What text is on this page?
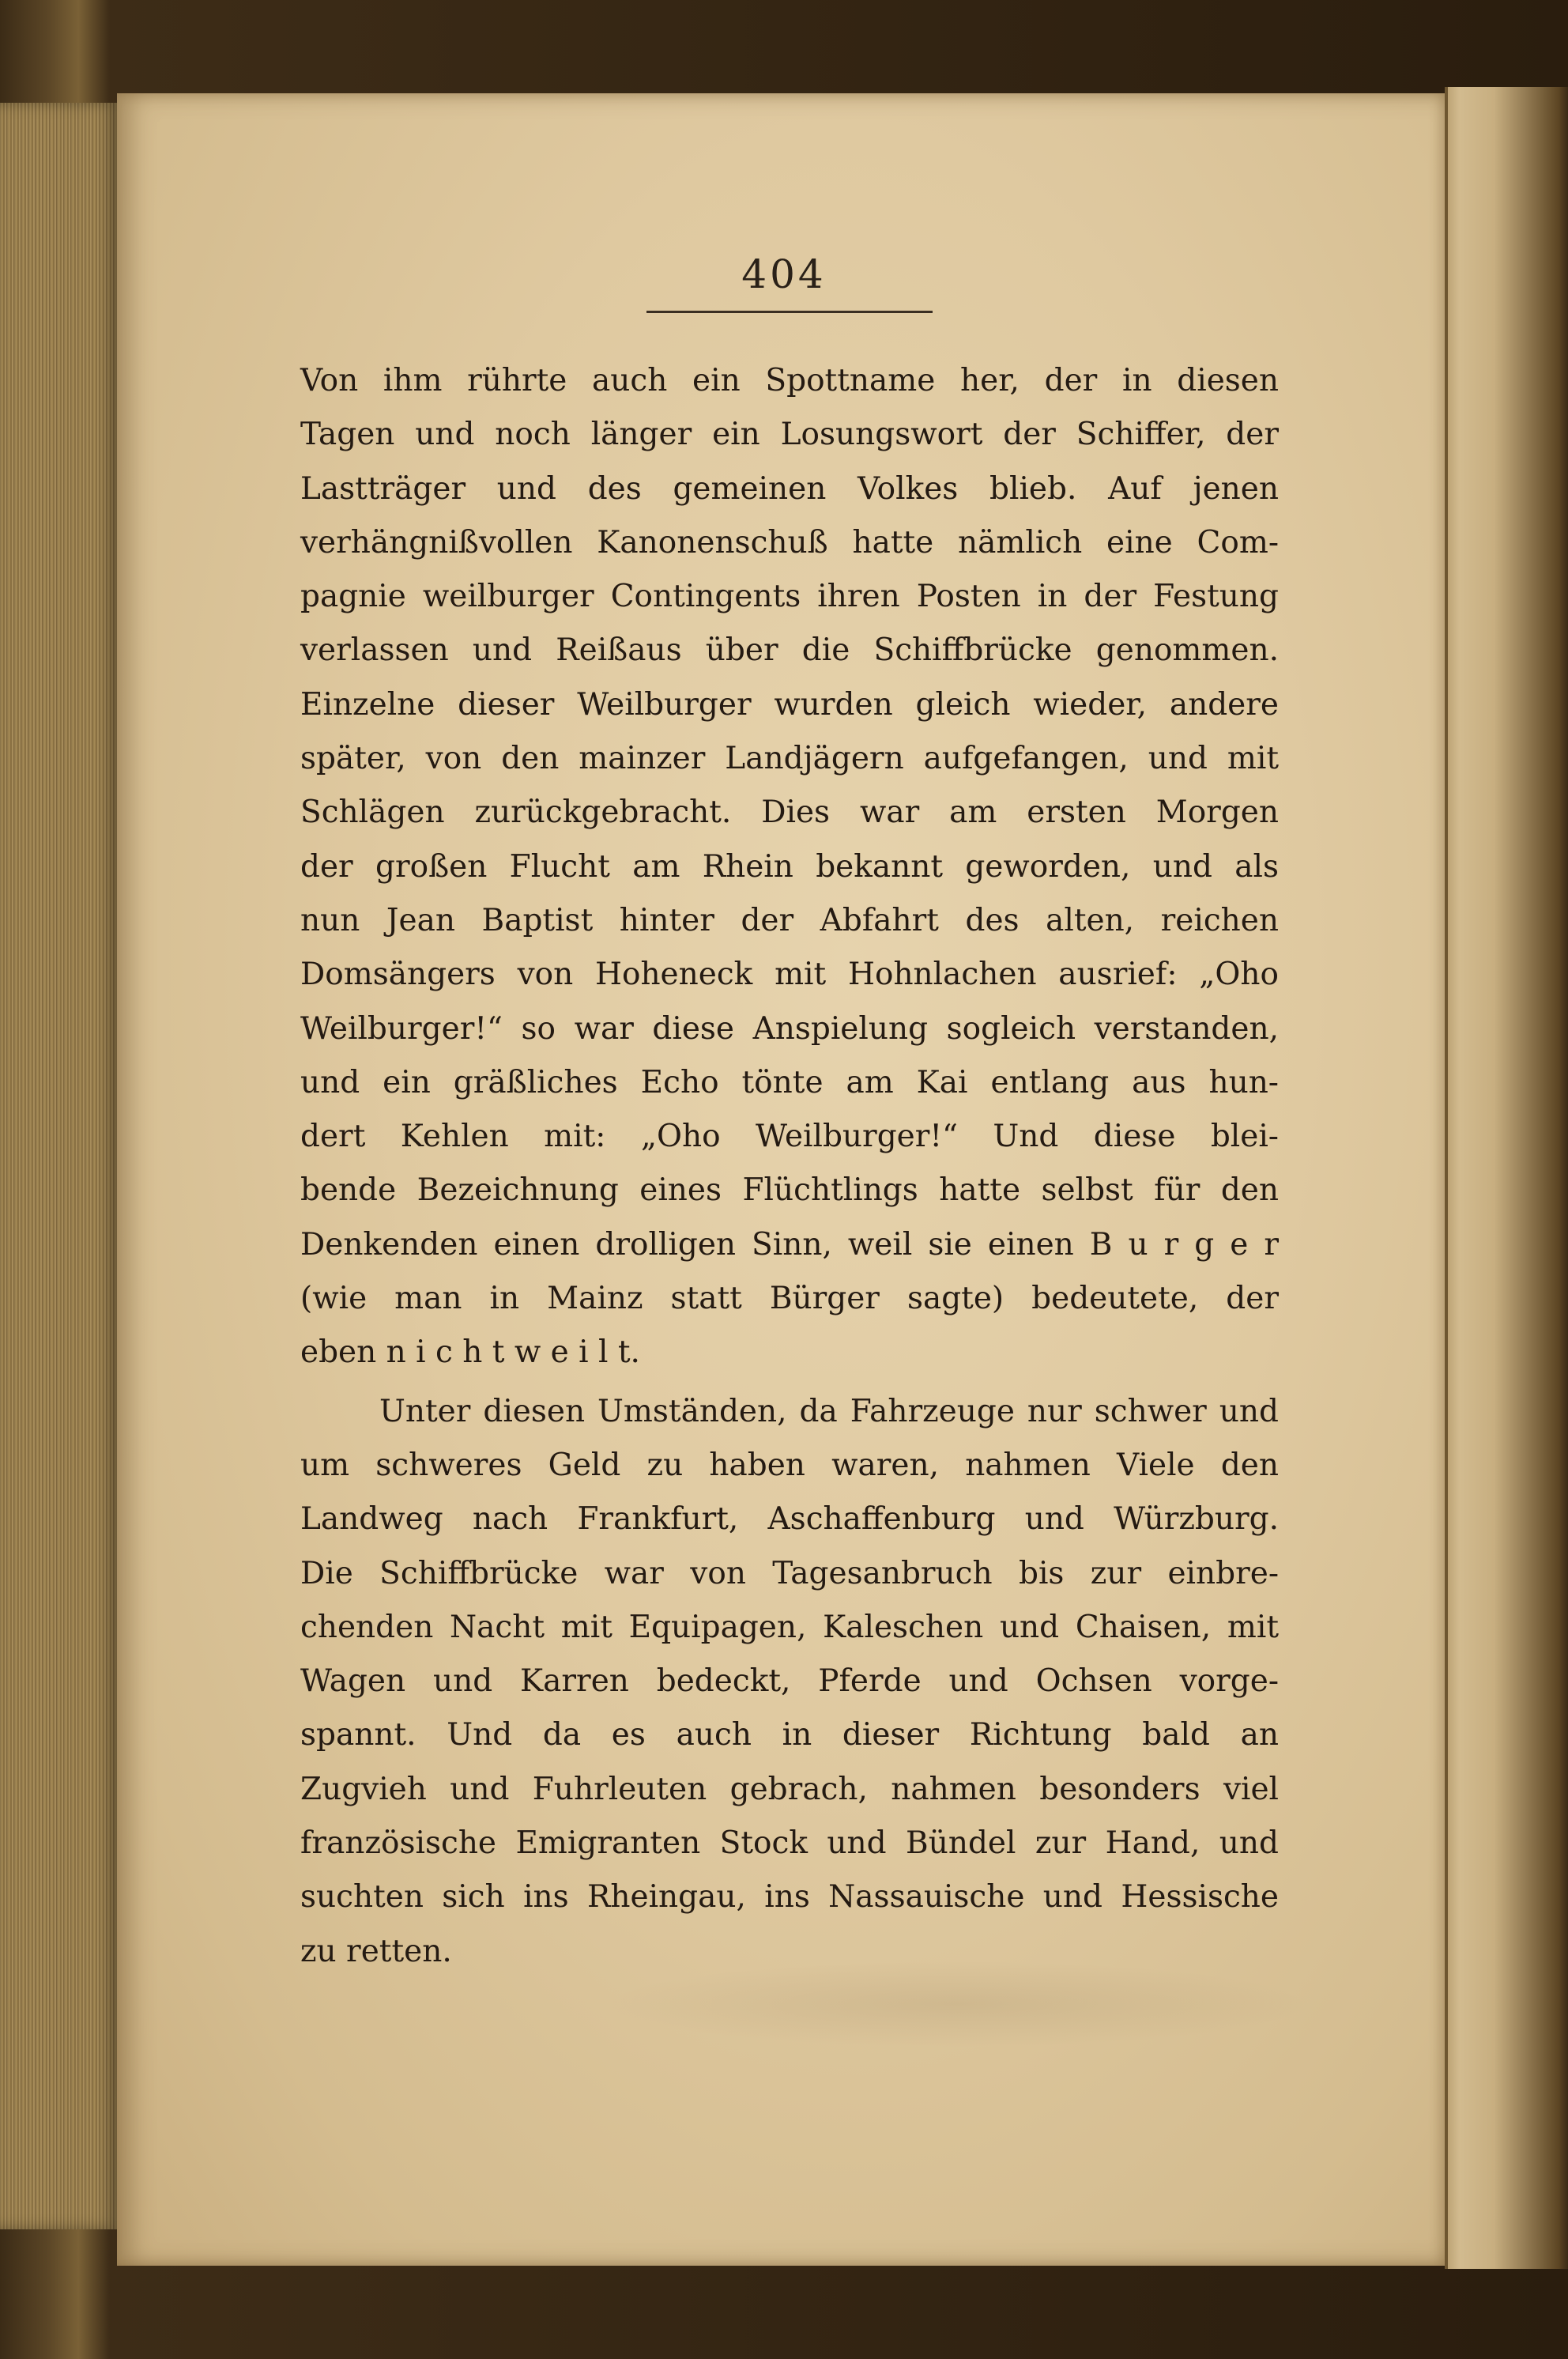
404
Von ihm rührte auch ein Spottname her, der in diesen
Tagen und noch länger ein Losungswort der Schiffer, der
Lastträger und des gemeinen Volkes blieb. Auf jenen
verhängnißvollen Kanonenschuß hatte nämlich eine Com-
pagnie weilburger Contingents ihren Posten in der Festung
verlassen und Reißaus über die Schiffbrücke genommen.
Einzelne dieser Weilburger wurden gleich wieder, andere
später, von den mainzer Landjägern aufgefangen, und mit
Schlägen zurückgebracht. Dies war am ersten Morgen
der großen Flucht am Rhein bekannt geworden, und als
nun Jean Baptist hinter der Abfahrt des alten, reichen
Domsängers von Hoheneck mit Hohnlachen ausrief: „Oho
Weilburger!“ so war diese Anspielung sogleich verstanden,
und ein gräßliches Echo tönte am Kai entlang aus hun-
dert Kehlen mit: „Oho Weilburger!“ Und diese blei-
bende Bezeichnung eines Flüchtlings hatte selbst für den
Denkenden einen drolligen Sinn, weil sie einen B u r g e r
(wie man in Mainz statt Bürger sagte) bedeutete, der
eben n i c h t w e i l t.
Unter diesen Umständen, da Fahrzeuge nur schwer und
um schweres Geld zu haben waren, nahmen Viele den
Landweg nach Frankfurt, Aschaffenburg und Würzburg.
Die Schiffbrücke war von Tagesanbruch bis zur einbre-
chenden Nacht mit Equipagen, Kaleschen und Chaisen, mit
Wagen und Karren bedeckt, Pferde und Ochsen vorge-
spannt. Und da es auch in dieser Richtung bald an
Zugvieh und Fuhrleuten gebrach, nahmen besonders viel
französische Emigranten Stock und Bündel zur Hand, und
suchten sich ins Rheingau, ins Nassauische und Hessische
zu retten.
